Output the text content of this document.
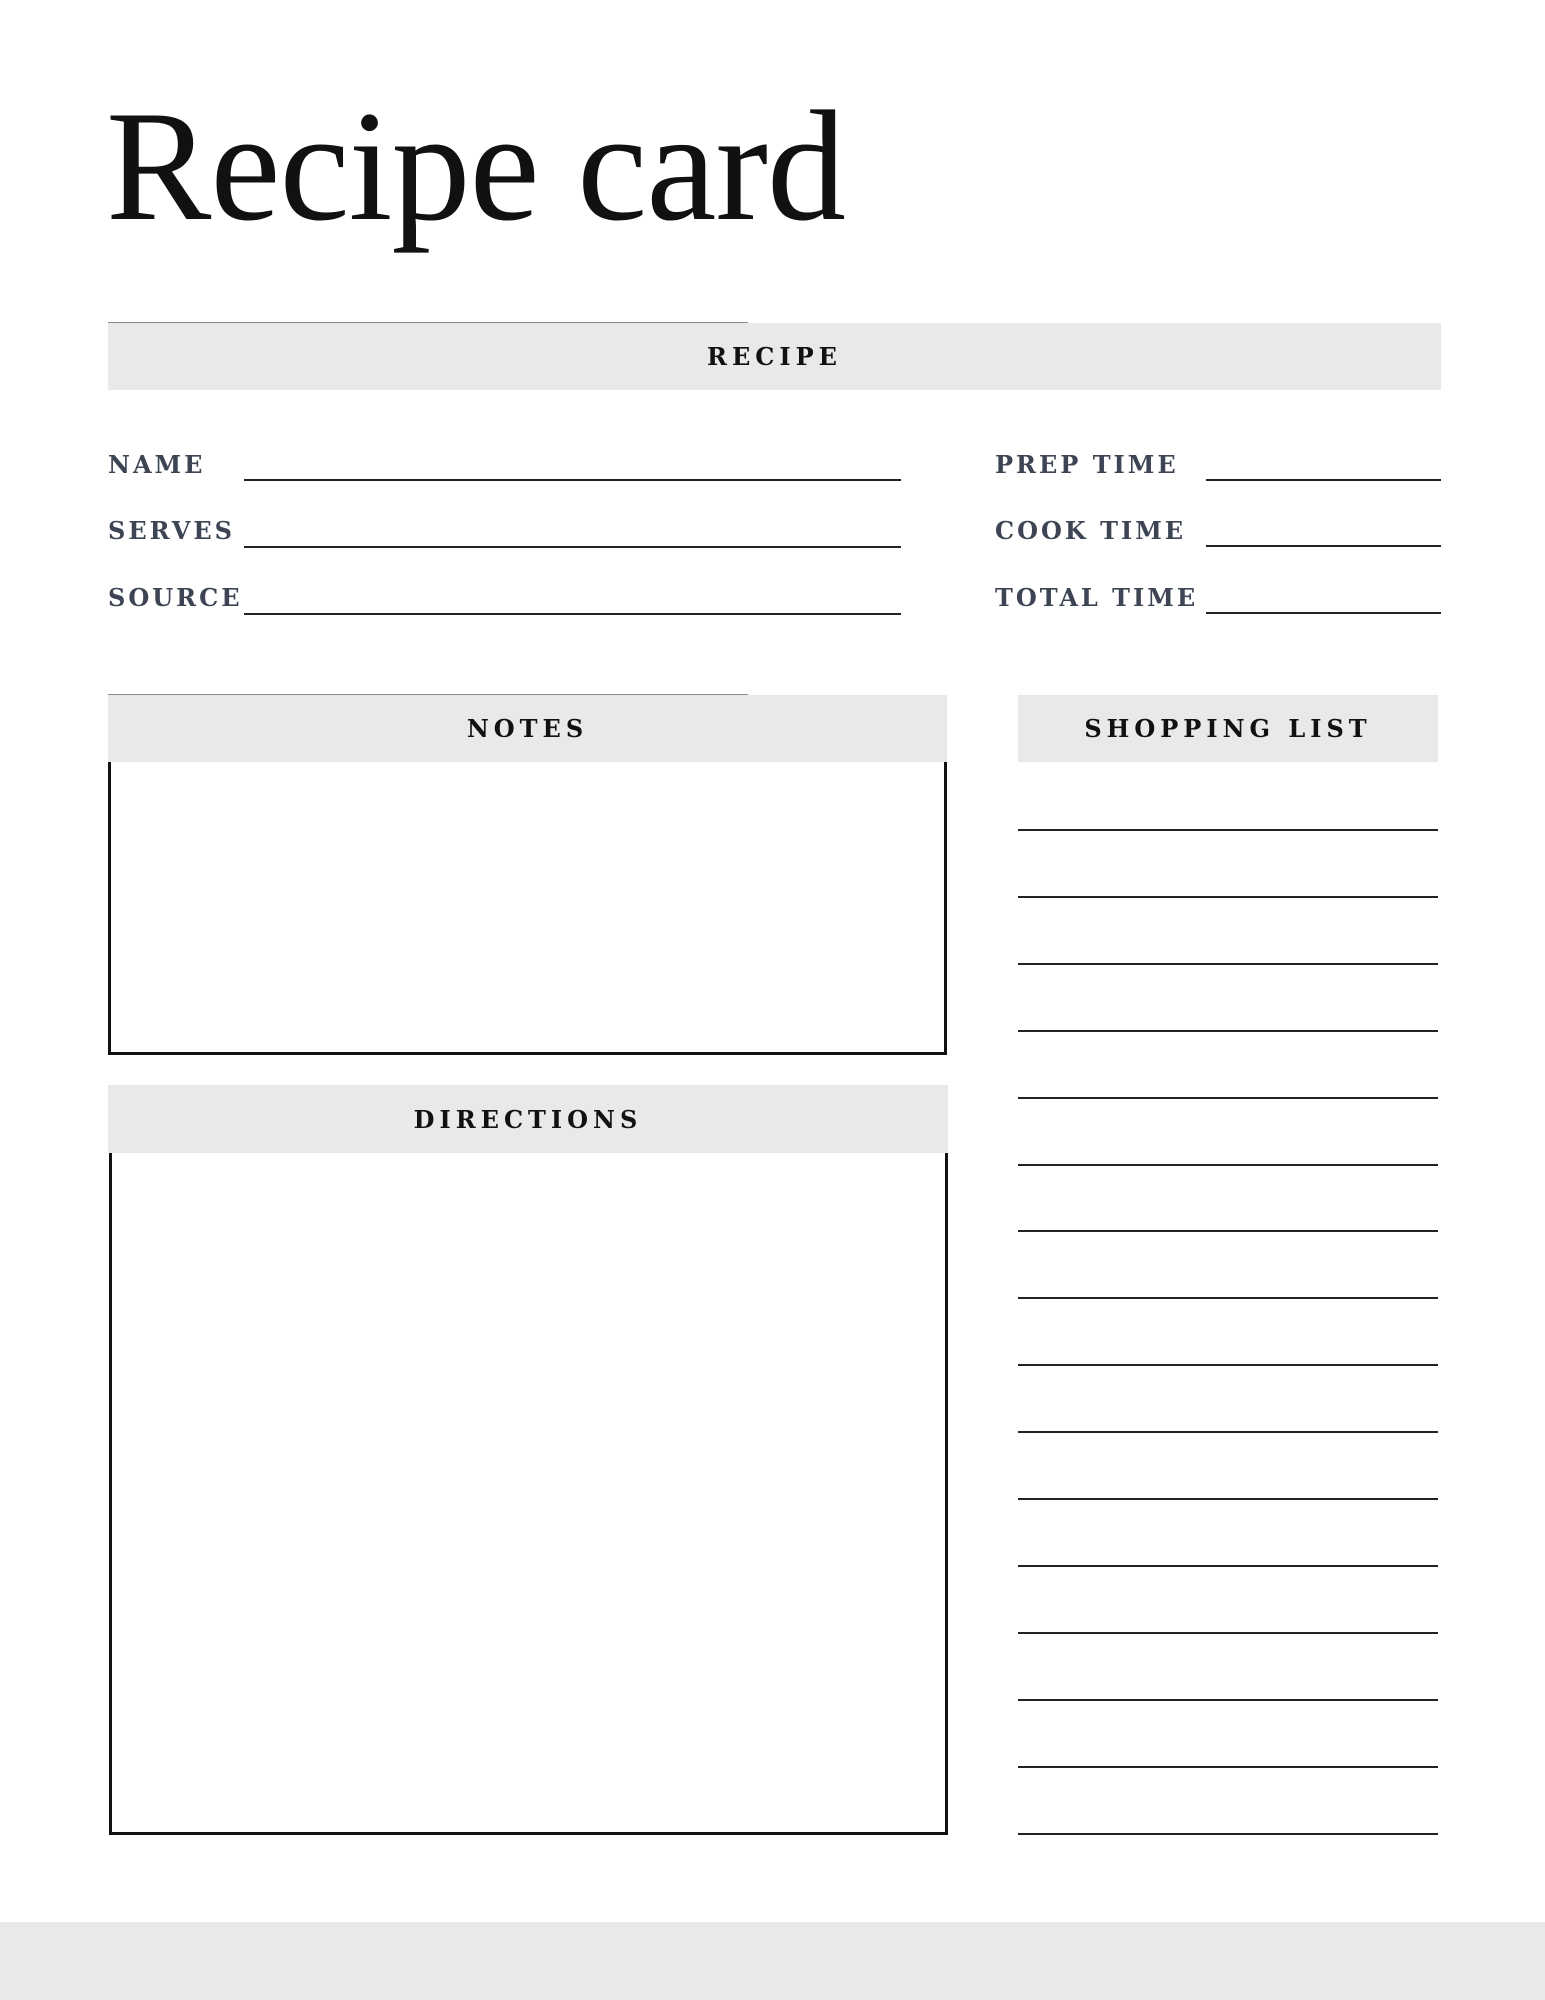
Recipe card
RECIPE
NAME
SERVES
SOURCE
PREP TIME
COOK TIME
TOTAL TIME
NOTES
DIRECTIONS
SHOPPING LIST
